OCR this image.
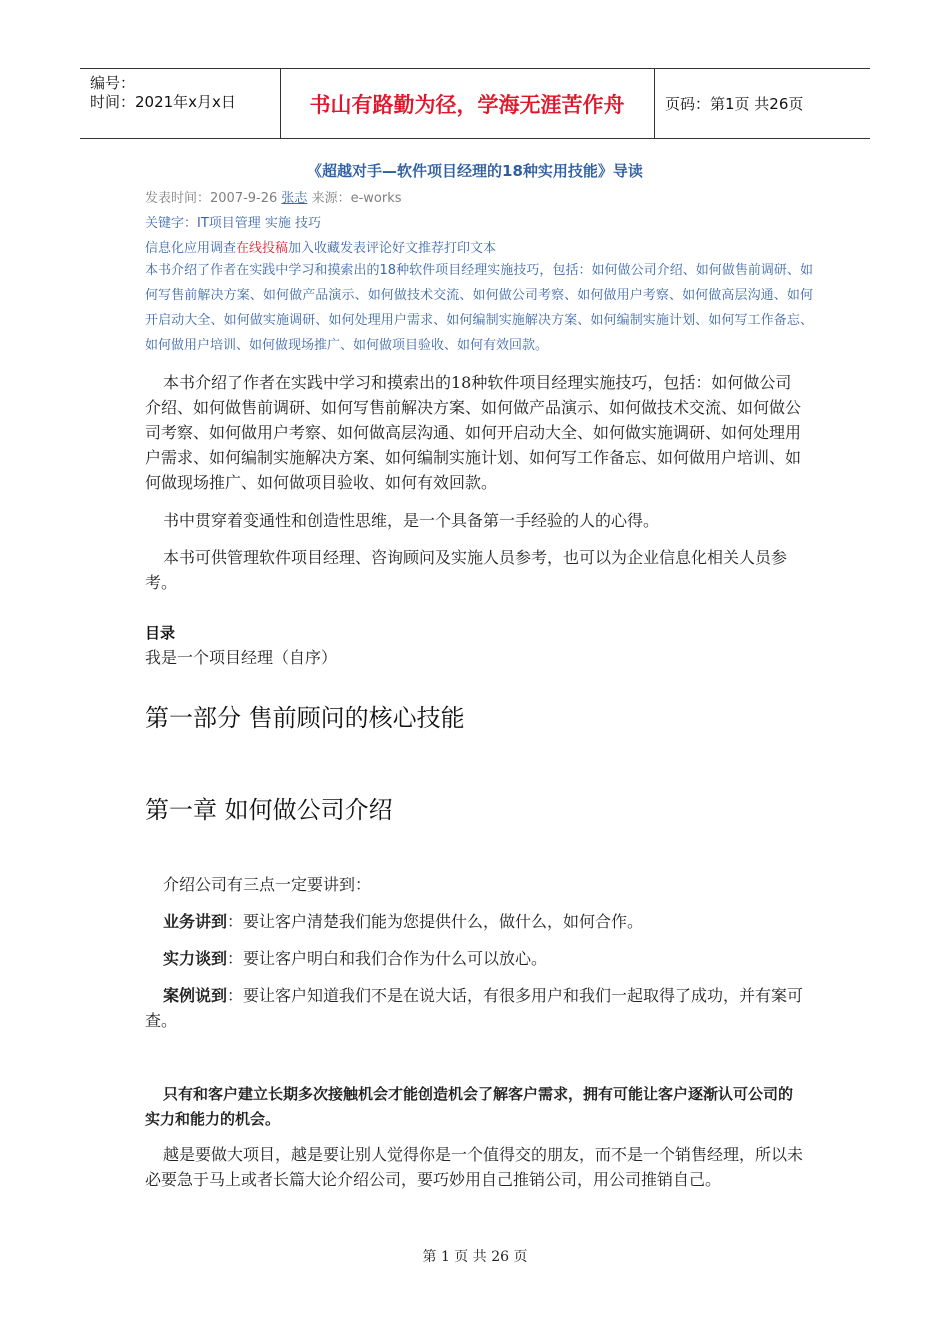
编号：
时间：2021年x月x日	书山有路勤为径，学海无涯苦作舟	页码：第1页 共26页
《超越对手—软件项目经理的18种实用技能》导读
发表时间：2007-9-26 张志 来源：e-works
关键字：IT项目管理 实施 技巧
信息化应用调查在线投稿加入收藏发表评论好文推荐打印文本
本书介绍了作者在实践中学习和摸索出的18种软件项目经理实施技巧，包括：如何做公司介绍、如何做售前调研、如何写售前解决方案、如何做产品演示、如何做技术交流、如何做公司考察、如何做用户考察、如何做高层沟通、如何开启动大全、如何做实施调研、如何处理用户需求、如何编制实施解决方案、如何编制实施计划、如何写工作备忘、如何做用户培训、如何做现场推广、如何做项目验收、如何有效回款。
本书介绍了作者在实践中学习和摸索出的18种软件项目经理实施技巧，包括：如何做公司介绍、如何做售前调研、如何写售前解决方案、如何做产品演示、如何做技术交流、如何做公司考察、如何做用户考察、如何做高层沟通、如何开启动大全、如何做实施调研、如何处理用户需求、如何编制实施解决方案、如何编制实施计划、如何写工作备忘、如何做用户培训、如何做现场推广、如何做项目验收、如何有效回款。
书中贯穿着变通性和创造性思维，是一个具备第一手经验的人的心得。
本书可供管理软件项目经理、咨询顾问及实施人员参考，也可以为企业信息化相关人员参考。
目录
我是一个项目经理（自序）
第一部分 售前顾问的核心技能
第一章 如何做公司介绍
介绍公司有三点一定要讲到：
业务讲到：要让客户清楚我们能为您提供什么，做什么，如何合作。
实力谈到：要让客户明白和我们合作为什么可以放心。
案例说到：要让客户知道我们不是在说大话，有很多用户和我们一起取得了成功，并有案可查。
只有和客户建立长期多次接触机会才能创造机会了解客户需求，拥有可能让客户逐渐认可公司的实力和能力的机会。
越是要做大项目，越是要让别人觉得你是一个值得交的朋友，而不是一个销售经理，所以未必要急于马上或者长篇大论介绍公司，要巧妙用自己推销公司，用公司推销自己。
第 1 页 共 26 页
